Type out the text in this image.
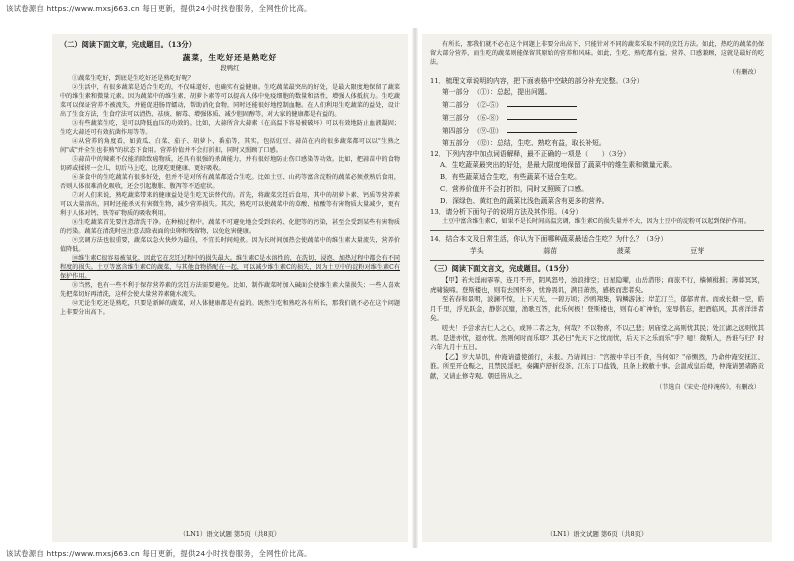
该试卷源自 https://www.mxsj663.cn 每日更新，提供24小时找卷服务，全网性价比高。
该试卷源自 https://www.mxsj663.cn 每日更新，提供24小时找卷服务，全网性价比高。

（二）阅读下面文章，完成题目。（13分）

蔬菜，生吃好还是熟吃好

段鸭红

①蔬菜生吃好，到底是生吃好还是熟吃好呢？

②生活中，有很多蔬菜是适合生吃的，不仅味道好，也确实有益健康。生吃蔬菜最突出的好处，是最大限度地保留了蔬菜中的维生素和微量元素。因为蔬菜中的维生素、胡萝卜素等可以提高人体中免疫细胞的数量和活性，增强人体抵抗力。生吃蔬菜可以保证营养不被流失，并能促进肠胃蠕动，帮助消化食物，同时还能很好地控制血糖。在人们利用生吃蔬菜的益处，设计出了生食方法，生食疗法可以清热、祛痰、解毒、增强体质、减少胆固醇等，对大家的健康都是有益的。

③有些蔬菜生吃，是可以降低血压的功效的。比如，大蒜所含大蒜素（在高温下容易被破坏）可以有效地防止血液凝固；生吃大蒜还可有效抗菌作用等等。

④从营养的角度看，如黄瓜、白菜、茄子、胡萝卜、番茄等，其实，包括豇豆、蒜苗在内的很多蔬菜都可以以"生熟之间"或"并全生也非熟"的状态下食用。营养价值并不会打折扣，同时又照顾了口感。

⑤蒜苗中的辣素不仅能消除致癌物质，还具有很强的杀菌能力，并有很好地防止伤口感染等功效。比如，把蒜苗中的食物切碎或揉搓一会儿，切后马上吃，比现吃更健康、更好吸收。

⑥茶食中的生吃蔬菜有很多好处，但并不是对所有蔬菜都适合生吃。比如土豆、山药等富含淀粉的蔬菜必须煮熟后食用，否则人体很难消化吸收，还会引起腹胀、腹泻等不适症状。

⑦对人们来说，熟吃蔬菜带来的健康益处是生吃无法替代的。首先，将蔬菜烹饪后食用，其中的胡萝卜素、钙质等营养素可以大量溶出，同时还能杀灭有害微生物，减少营养损失。其次，熟吃可以使蔬菜中的草酸、植酸等有害物质大量减少，更有利于人体对钙、铁等矿物质的吸收利用。

⑧生吃蔬菜首先要注意清洗干净。在种植过程中，蔬菜不可避免地会受到农药、化肥等的污染，甚至会受到某些有害物质的污染。蔬菜在清洗时应注意去除表面的虫卵和残留物，以免危害健康。

⑨烹调方法也很重要，蔬菜以急火快炒为最佳，不宜长时间炖煮。因为长时间加热会使蔬菜中的维生素大量流失，营养价值降低。

⑩维生素C很容易被氧化，因此它在烹饪过程中的损失最大。维生素C是水溶性的，在洗切、浸泡、加热过程中都会有不同程度的损失。土豆等富含维生素C的蔬菜，与其他食物搭配在一起，可以减少维生素C的损失，因为土豆中的淀粉对维生素C有保护作用。

⑪当然，也有一些不利于保存营养素的烹饪方法需要避免。比如，制作蔬菜时加入碱面会使维生素大量损失；一些人喜欢先把菜切好再清洗，这样会使大量营养素随水流失。

⑫无论生吃还是熟吃，只要是新鲜的蔬菜，对人体健康都是有益的。既然生吃和熟吃各有所长，那我们就不必在这个问题上非要分出高下。

（LN1）语文试题 第5页（共8页）

有所长，那我们就不必在这个问题上非要分出高下，只能针对不同的蔬菜采取不同的烹饪方法。如此，热吃的蔬菜仍保留大部分营养，而生吃的蔬菜则能保留其原始的营养和风味。如此，生吃、熟吃都有益，营养、口感兼顾，这就是最好的吃法。

（有删改）

11．梳理文章说明的内容，把下面表格中空缺的部分补充完整。（3分）

第一部分 （①）：总起，提出问题。
第二部分 （②-⑤）
第三部分 （⑥-⑧）
第四部分 （⑨-⑪）
第五部分 （⑫）：总结，生吃、熟吃有益，取长补短。

12．下列内容中加点词语解释，最不正确的一项是（　　）（3分）

A．生吃蔬菜最突出的好处，是最大限度地保留了蔬菜中的维生素和微量元素。

B．有些蔬菜适合生吃，有些蔬菜不适合生吃。

C．营养价值并不会打折扣，同时又照顾了口感。

D．深绿色、黄红色的蔬菜比浅色蔬菜含有更多的营养。

13．请分析下面句子的说明方法及其作用。（4分）

土豆中富含维生素C，如果不是长时间高温烹调，维生素C的损失量并不大，因为土豆中的淀粉可以起到保护作用。

14．结合本文及日常生活，你认为下面哪种蔬菜最适合生吃？为什么？（3分）

芋头	蒜苗	菠菜	豆芽

（三）阅读下面文言文，完成题目。（15分）

【甲】若夫淫雨霏霏，连月不开，阴风怒号，浊浪排空；日星隐曜，山岳潜形；商旅不行，樯倾楫摧；薄暮冥冥，虎啸猿啼。登斯楼也，则有去国怀乡，忧谗畏讥，满目萧然，感极而悲者矣。

至若春和景明，波澜不惊，上下天光，一碧万顷；沙鸥翔集，锦鳞游泳；岸芷汀兰，郁郁青青。而或长烟一空，皓月千里，浮光跃金，静影沉璧，渔歌互答，此乐何极！登斯楼也，则有心旷神怡，宠辱偕忘，把酒临风，其喜洋洋者矣。

嗟夫！予尝求古仁人之心，或异二者之为，何哉？不以物喜，不以己悲；居庙堂之高则忧其民；处江湖之远则忧其君。是进亦忧，退亦忧。然则何时而乐耶？其必曰"先天下之忧而忧，后天下之乐而乐"乎？噫！微斯人，吾谁与归？时六年九月十五日。

【乙】岁大旱饥，仲淹请遣使循行，未报。乃请间曰："宫掖中半日不食，当何如？"帝恻然，乃命仲淹安抚江、淮。所至开仓赈之，且禁民淫祀，奏蠲庐舒折役茶、江东丁口盐钱，且条上救敝十事。会温成皇后薨，仲淹请罢诸路贡献，又请止修寺观。朝廷皆从之。

（节选自《宋史·范仲淹传》，有删改）

（LN1）语文试题 第6页（共8页）
